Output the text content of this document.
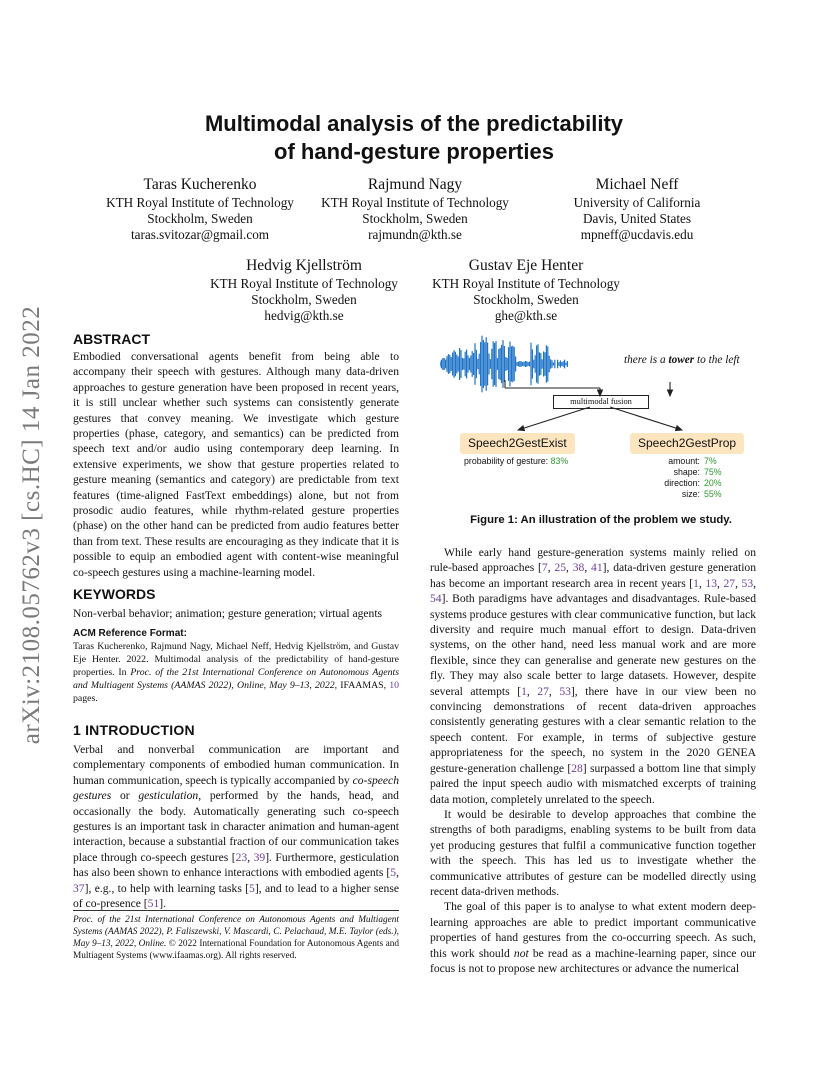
arXiv:2108.05762v3 [cs.HC] 14 Jan 2022
Multimodal analysis of the predictability
of hand-gesture properties
Taras Kucherenko
KTH Royal Institute of Technology
Stockholm, Sweden
taras.svitozar@gmail.com
Rajmund Nagy
KTH Royal Institute of Technology
Stockholm, Sweden
rajmundn@kth.se
Michael Neff
University of California
Davis, United States
mpneff@ucdavis.edu
Hedvig Kjellström
KTH Royal Institute of Technology
Stockholm, Sweden
hedvig@kth.se
Gustav Eje Henter
KTH Royal Institute of Technology
Stockholm, Sweden
ghe@kth.se
ABSTRACT
Embodied conversational agents benefit from being able to accompany their speech with gestures. Although many data-driven approaches to gesture generation have been proposed in recent years, it is still unclear whether such systems can consistently generate gestures that convey meaning. We investigate which gesture properties (phase, category, and semantics) can be predicted from speech text and/or audio using contemporary deep learning. In extensive experiments, we show that gesture properties related to gesture meaning (semantics and category) are predictable from text features (time-aligned FastText embeddings) alone, but not from prosodic audio features, while rhythm-related gesture properties (phase) on the other hand can be predicted from audio features better than from text. These results are encouraging as they indicate that it is possible to equip an embodied agent with content-wise meaningful co-speech gestures using a machine-learning model.
KEYWORDS
Non-verbal behavior; animation; gesture generation; virtual agents
ACM Reference Format:
Taras Kucherenko, Rajmund Nagy, Michael Neff, Hedvig Kjellström, and Gustav Eje Henter. 2022. Multimodal analysis of the predictability of hand-gesture properties. In Proc. of the 21st International Conference on Autonomous Agents and Multiagent Systems (AAMAS 2022), Online, May 9–13, 2022, IFAAMAS, 10 pages.
1 INTRODUCTION
Verbal and nonverbal communication are important and complementary components of embodied human communication. In human communication, speech is typically accompanied by co-speech gestures or gesticulation, performed by the hands, head, and occasionally the body. Automatically generating such co-speech gestures is an important task in character animation and human-agent interaction, because a substantial fraction of our communication takes place through co-speech gestures [23, 39]. Furthermore, gesticulation has also been shown to enhance interactions with embodied agents [5, 37], e.g., to help with learning tasks [5], and to lead to a higher sense of co-presence [51].
Proc. of the 21st International Conference on Autonomous Agents and Multiagent Systems (AAMAS 2022), P. Faliszewski, V. Mascardi, C. Pelachaud, M.E. Taylor (eds.), May 9–13, 2022, Online. © 2022 International Foundation for Autonomous Agents and Multiagent Systems (www.ifaamas.org). All rights reserved.
there is a tower to the left
multimodal fusion
Speech2GestExist	Speech2GestProp
probability of gesture: 83%	amount: 7%
shape: 75%
direction: 20%
size: 55%
Figure 1: An illustration of the problem we study.

While early hand gesture-generation systems mainly relied on rule-based approaches [7, 25, 38, 41], data-driven gesture generation has become an important research area in recent years [1, 13, 27, 53, 54]. Both paradigms have advantages and disadvantages. Rule-based systems produce gestures with clear communicative function, but lack diversity and require much manual effort to design. Data-driven systems, on the other hand, need less manual work and are more flexible, since they can generalise and generate new gestures on the fly. They may also scale better to large datasets. However, despite several attempts [1, 27, 53], there have in our view been no convincing demonstrations of recent data-driven approaches consistently generating gestures with a clear semantic relation to the speech content. For example, in terms of subjective gesture appropriateness for the speech, no system in the 2020 GENEA gesture-generation challenge [28] surpassed a bottom line that simply paired the input speech audio with mismatched excerpts of training data motion, completely unrelated to the speech.

It would be desirable to develop approaches that combine the strengths of both paradigms, enabling systems to be built from data yet producing gestures that fulfil a communicative function together with the speech. This has led us to investigate whether the communicative attributes of gesture can be modelled directly using recent data-driven methods.

The goal of this paper is to analyse to what extent modern deep-learning approaches are able to predict important communicative properties of hand gestures from the co-occurring speech. As such, this work should not be read as a machine-learning paper, since our focus is not to propose new architectures or advance the numerical
